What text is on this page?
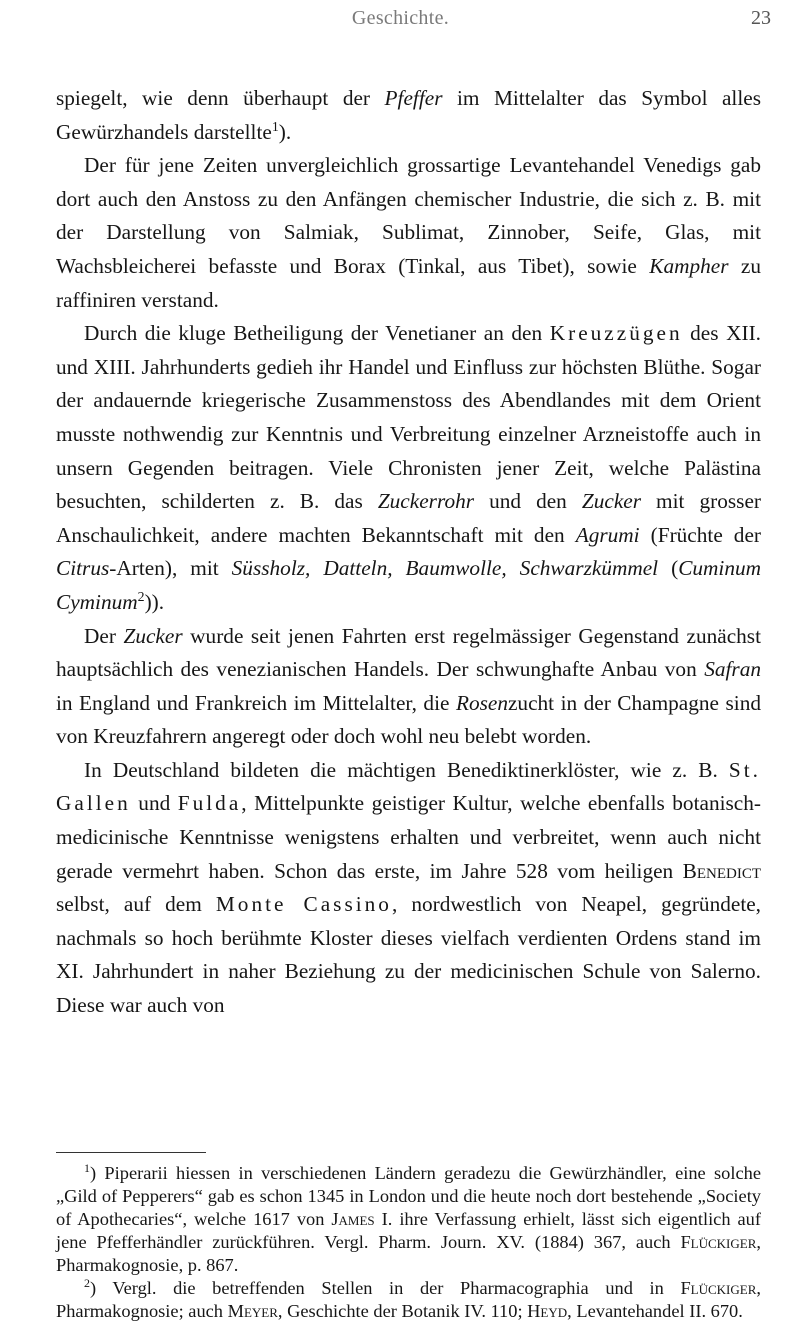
Geschichte.	23

spiegelt, wie denn überhaupt der Pfeffer im Mittelalter das Symbol alles Gewürzhandels darstellte$^1$).

Der für jene Zeiten unvergleichlich grossartige Levantehandel Venedigs gab dort auch den Anstoss zu den Anfängen chemischer Industrie, die sich z. B. mit der Darstellung von Salmiak, Sublimat, Zinnober, Seife, Glas, mit Wachsbleicherei befasste und Borax (Tinkal, aus Tibet), sowie Kampher zu raffiniren verstand.

Durch die kluge Betheiligung der Venetianer an den Kreuzzügen des XII. und XIII. Jahrhunderts gedieh ihr Handel und Einfluss zur höchsten Blüthe. Sogar der andauernde kriegerische Zusammenstoss des Abendlandes mit dem Orient musste nothwendig zur Kenntnis und Verbreitung einzelner Arzneistoffe auch in unsern Gegenden beitragen. Viele Chronisten jener Zeit, welche Palästina besuchten, schilderten z. B. das Zuckerrohr und den Zucker mit grosser Anschaulichkeit, andere machten Bekanntschaft mit den Agrumi (Früchte der Citrus-Arten), mit Süssholz, Datteln, Baumwolle, Schwarzkümmel (Cuminum Cyminum$^2$)).

Der Zucker wurde seit jenen Fahrten erst regelmässiger Gegenstand zunächst hauptsächlich des venezianischen Handels. Der schwunghafte Anbau von Safran in England und Frankreich im Mittelalter, die Rosenzucht in der Champagne sind von Kreuzfahrern angeregt oder doch wohl neu belebt worden.

In Deutschland bildeten die mächtigen Benediktinerklöster, wie z. B. St. Gallen und Fulda, Mittelpunkte geistiger Kultur, welche ebenfalls botanisch-medicinische Kenntnisse wenigstens erhalten und verbreitet, wenn auch nicht gerade vermehrt haben. Schon das erste, im Jahre 528 vom heiligen Benedict selbst, auf dem Monte Cassino, nordwestlich von Neapel, gegründete, nachmals so hoch berühmte Kloster dieses vielfach verdienten Ordens stand im XI. Jahrhundert in naher Beziehung zu der medicinischen Schule von Salerno. Diese war auch von

$^1$) Piperarii hiessen in verschiedenen Ländern geradezu die Gewürzhändler, eine solche „Gild of Pepperers“ gab es schon 1345 in London und die heute noch dort bestehende „Society of Apothecaries“, welche 1617 von James I. ihre Verfassung erhielt, lässt sich eigentlich auf jene Pfefferhändler zurückführen. Vergl. Pharm. Journ. XV. (1884) 367, auch Flückiger, Pharmakognosie, p. 867.

$^2$) Vergl. die betreffenden Stellen in der Pharmacographia und in Flückiger, Pharmakognosie; auch Meyer, Geschichte der Botanik IV. 110; Heyd, Levantehandel II. 670.
